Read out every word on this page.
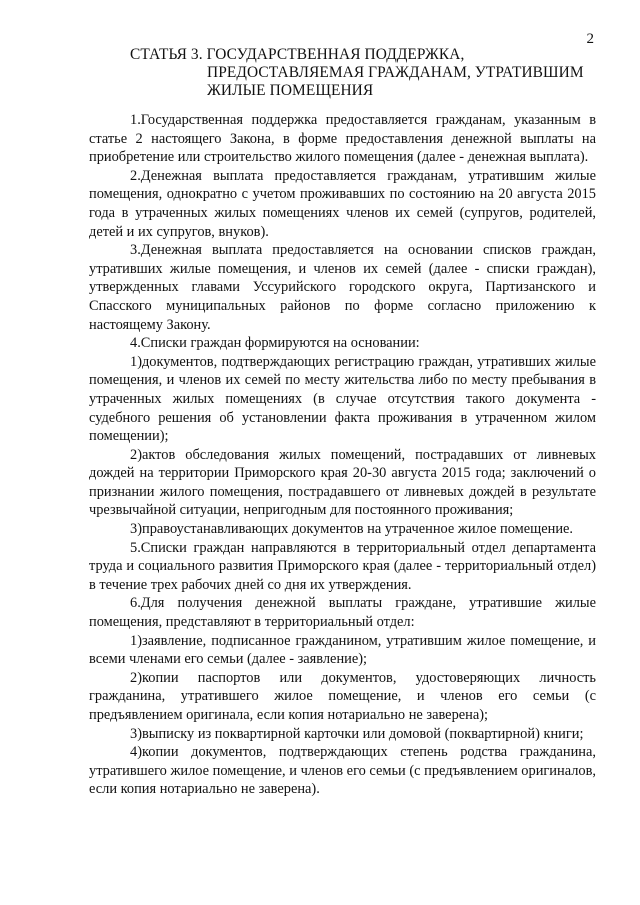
2
СТАТЬЯ 3. ГОСУДАРСТВЕННАЯ ПОДДЕРЖКА,
ПРЕДОСТАВЛЯЕМАЯ ГРАЖДАНАМ, УТРАТИВШИМ
ЖИЛЫЕ ПОМЕЩЕНИЯ

1.Государственная поддержка предоставляется гражданам, указанным в статье 2 настоящего Закона, в форме предоставления денежной выплаты на приобретение или строительство жилого помещения (далее - денежная выплата).

2.Денежная выплата предоставляется гражданам, утратившим жилые помещения, однократно с учетом проживавших по состоянию на 20 августа 2015 года в утраченных жилых помещениях членов их семей (супругов, родителей, детей и их супругов, внуков).

3.Денежная выплата предоставляется на основании списков граждан, утративших жилые помещения, и членов их семей (далее - списки граждан), утвержденных главами Уссурийского городского округа, Партизанского и Спасского муниципальных районов по форме согласно приложению к настоящему Закону.

4.Списки граждан формируются на основании:

1)документов, подтверждающих регистрацию граждан, утративших жилые помещения, и членов их семей по месту жительства либо по месту пребывания в утраченных жилых помещениях (в случае отсутствия такого документа - судебного решения об установлении факта проживания в утраченном жилом помещении);

2)актов обследования жилых помещений, пострадавших от ливневых дождей на территории Приморского края 20-30 августа 2015 года; заключений о признании жилого помещения, пострадавшего от ливневых дождей в результате чрезвычайной ситуации, непригодным для постоянного проживания;

3)правоустанавливающих документов на утраченное жилое помещение.

5.Списки граждан направляются в территориальный отдел департамента труда и социального развития Приморского края (далее - территориальный отдел) в течение трех рабочих дней со дня их утверждения.

6.Для получения денежной выплаты граждане, утратившие жилые помещения, представляют в территориальный отдел:

1)заявление, подписанное гражданином, утратившим жилое помещение, и всеми членами его семьи (далее - заявление);

2)копии паспортов или документов, удостоверяющих личность гражданина, утратившего жилое помещение, и членов его семьи (с предъявлением оригинала, если копия нотариально не заверена);

3)выписку из поквартирной карточки или домовой (поквартирной) книги;

4)копии документов, подтверждающих степень родства гражданина, утратившего жилое помещение, и членов его семьи (с предъявлением оригиналов, если копия нотариально не заверена).
